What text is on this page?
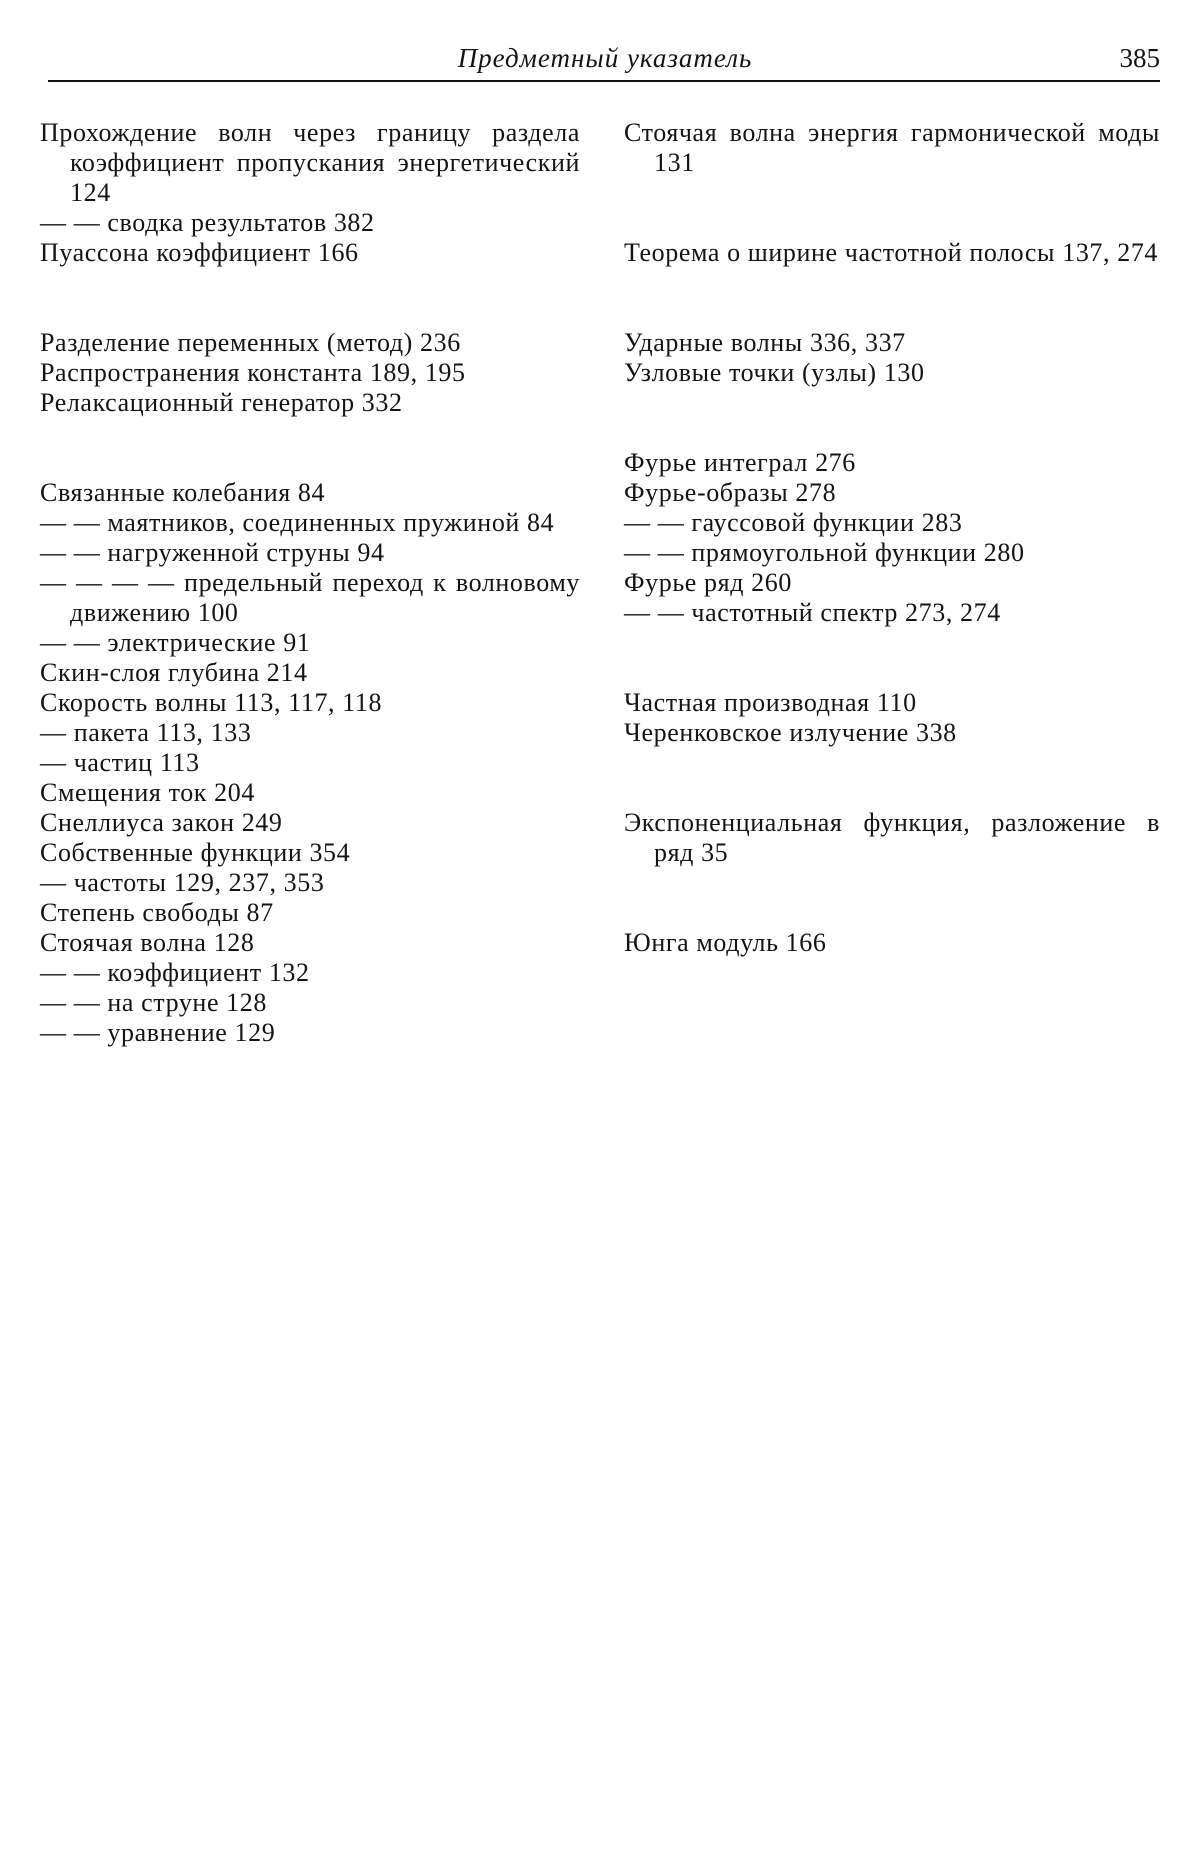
Предметный указатель	385
Прохождение волн через границу раздела коэффициент пропускания энергетический 124
— — сводка результатов 382
Пуассона коэффициент 166
Разделение переменных (метод) 236
Распространения константа 189, 195
Релаксационный генератор 332
Связанные колебания 84
— — маятников, соединенных пружиной 84
— — нагруженной струны 94
— — — — предельный переход к волновому движению 100
— — электрические 91
Скин-слоя глубина 214
Скорость волны 113, 117, 118
— пакета 113, 133
— частиц 113
Смещения ток 204
Снеллиуса закон 249
Собственные функции 354
— частоты 129, 237, 353
Степень свободы 87
Стоячая волна 128
— — коэффициент 132
— — на струне 128
— — уравнение 129
Стоячая волна энергия гармонической моды 131
Теорема о ширине частотной полосы 137, 274
Ударные волны 336, 337
Узловые точки (узлы) 130
Фурье интеграл 276
Фурье-образы 278
— — гауссовой функции 283
— — прямоугольной функции 280
Фурье ряд 260
— — частотный спектр 273, 274
Частная производная 110
Черенковское излучение 338
Экспоненциальная функция, разложение в ряд 35
Юнга модуль 166
